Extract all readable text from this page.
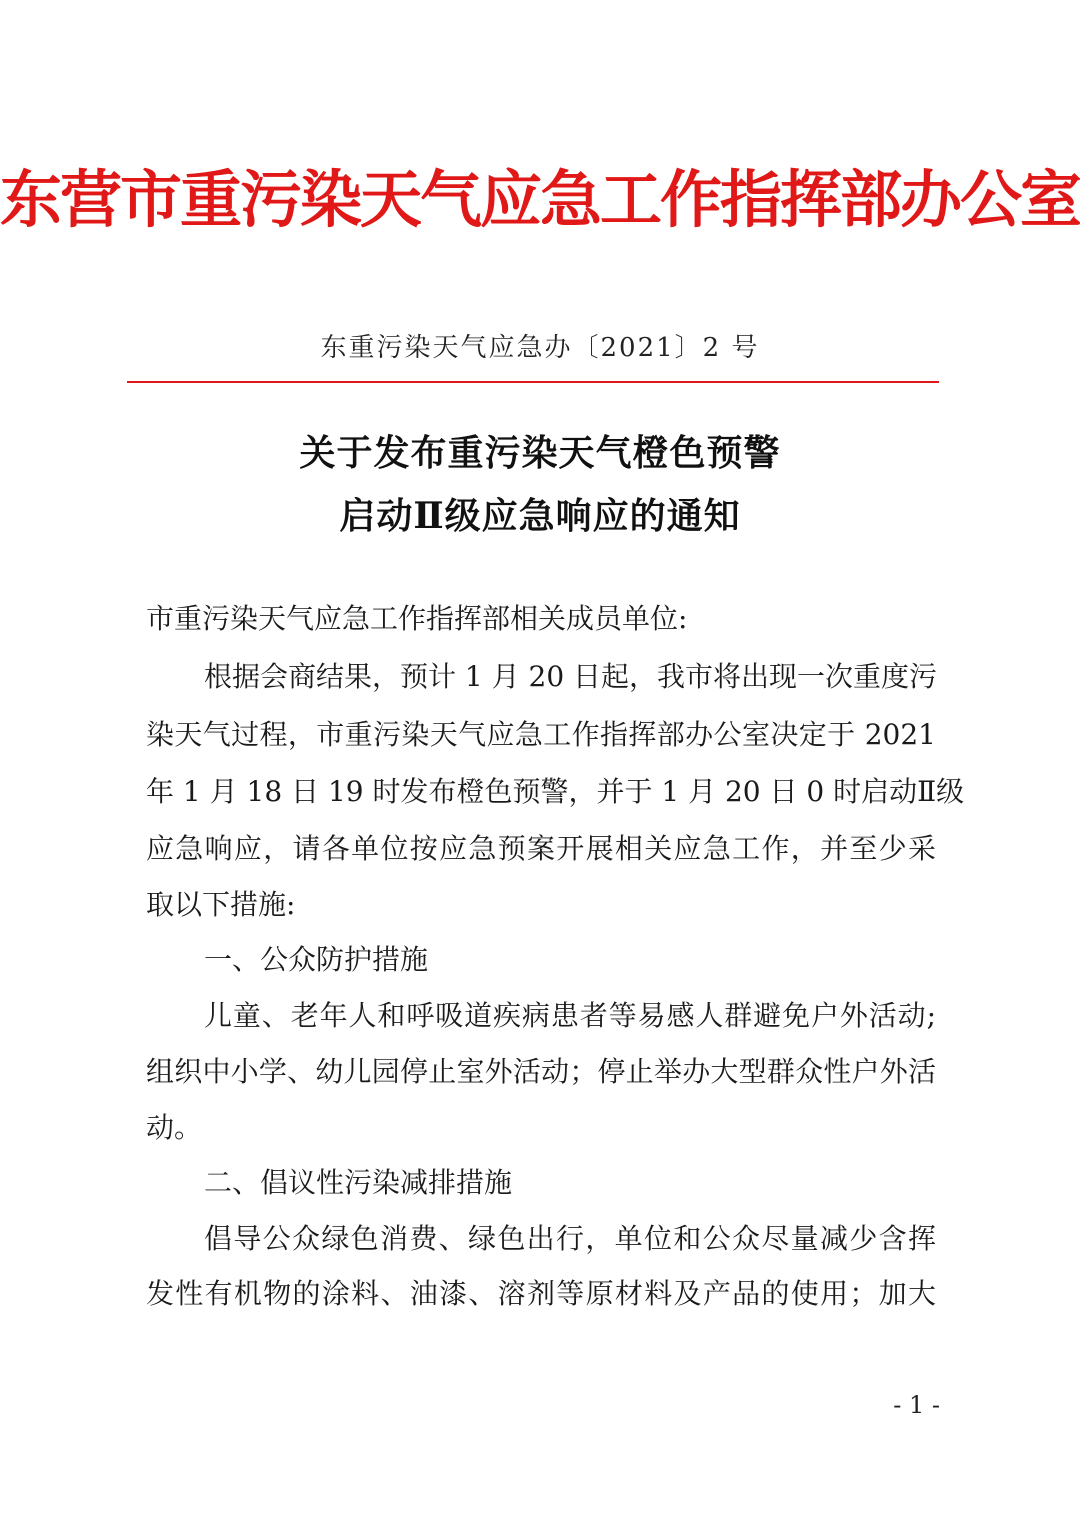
东营市重污染天气应急工作指挥部办公室
东重污染天气应急办〔2021〕2 号
关于发布重污染天气橙色预警
启动Ⅱ级应急响应的通知
市重污染天气应急工作指挥部相关成员单位:
根据会商结果，预计 1 月 20 日起，我市将出现一次重度污
染天气过程，市重污染天气应急工作指挥部办公室决定于 2021
年 1 月 18 日 19 时发布橙色预警，并于 1 月 20 日 0 时启动Ⅱ级
应急响应，请各单位按应急预案开展相关应急工作，并至少采
取以下措施:
一、公众防护措施
儿童、老年人和呼吸道疾病患者等易感人群避免户外活动;
组织中小学、幼儿园停止室外活动；停止举办大型群众性户外活
动。
二、倡议性污染减排措施
倡导公众绿色消费、绿色出行，单位和公众尽量减少含挥
发性有机物的涂料、油漆、溶剂等原材料及产品的使用；加大
- 1 -
